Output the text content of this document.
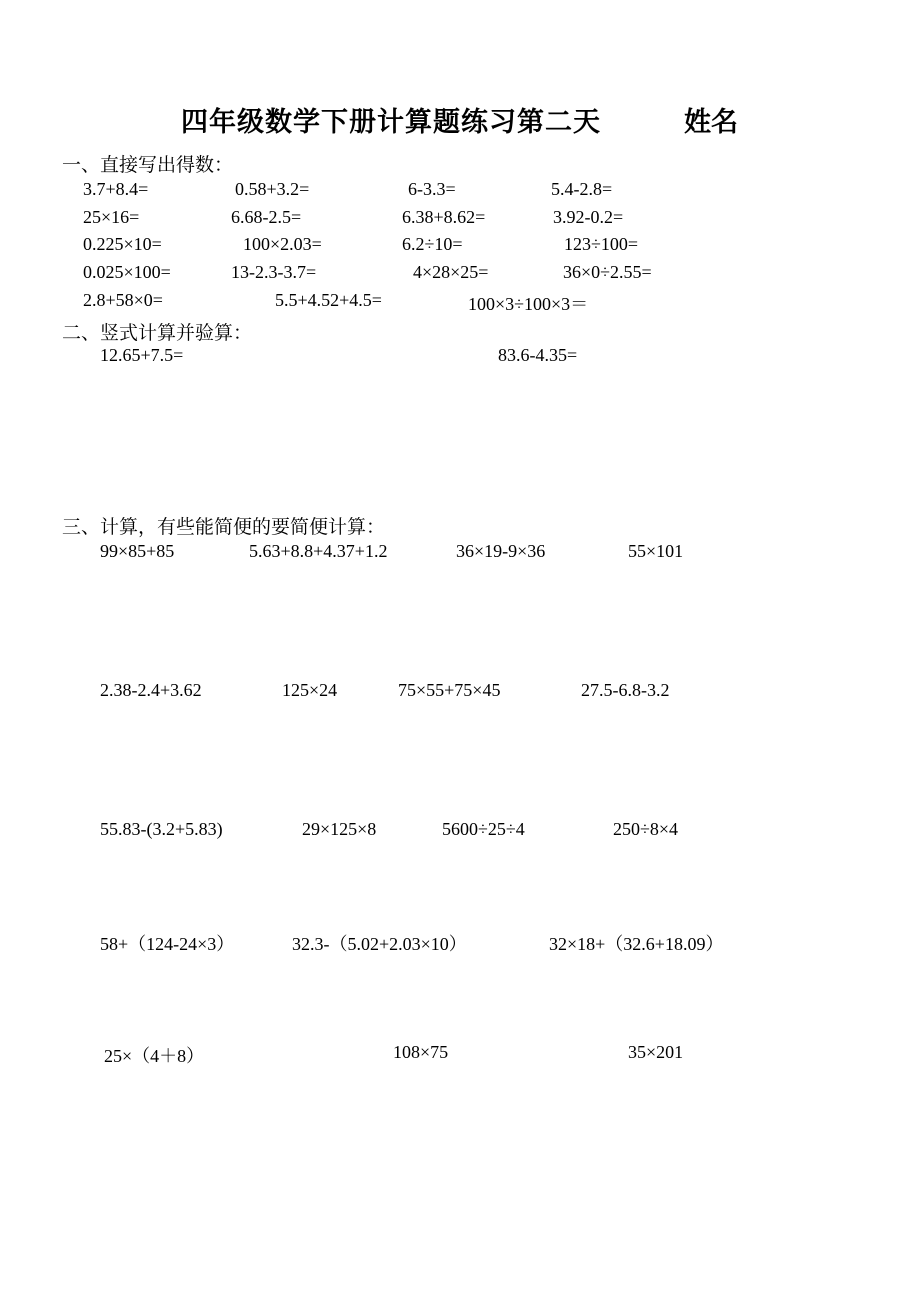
四年级数学下册计算题练习第二天	姓名
一、直接写出得数：
3.7+8.4=	0.58+3.2=	6-3.3=	5.4-2.8=
25×16=	6.68-2.5=	6.38+8.62=	3.92-0.2=
0.225×10=	100×2.03=	6.2÷10=	123÷100=
0.025×100=	13-2.3-3.7=	4×28×25=	36×0÷2.55=
2.8+58×0=	5.5+4.52+4.5=	100×3÷100×3＝
二、竖式计算并验算：
12.65+7.5=	83.6-4.35=
三、计算，有些能简便的要简便计算：
99×85+85	5.63+8.8+4.37+1.2	36×19-9×36	55×101
2.38-2.4+3.62	125×24	75×55+75×45	27.5-6.8-3.2
55.83-(3.2+5.83)	29×125×8	5600÷25÷4	250÷8×4
58+（124-24×3）	32.3-（5.02+2.03×10）	32×18+（32.6+18.09）
25×（4＋8）	108×75	35×201
